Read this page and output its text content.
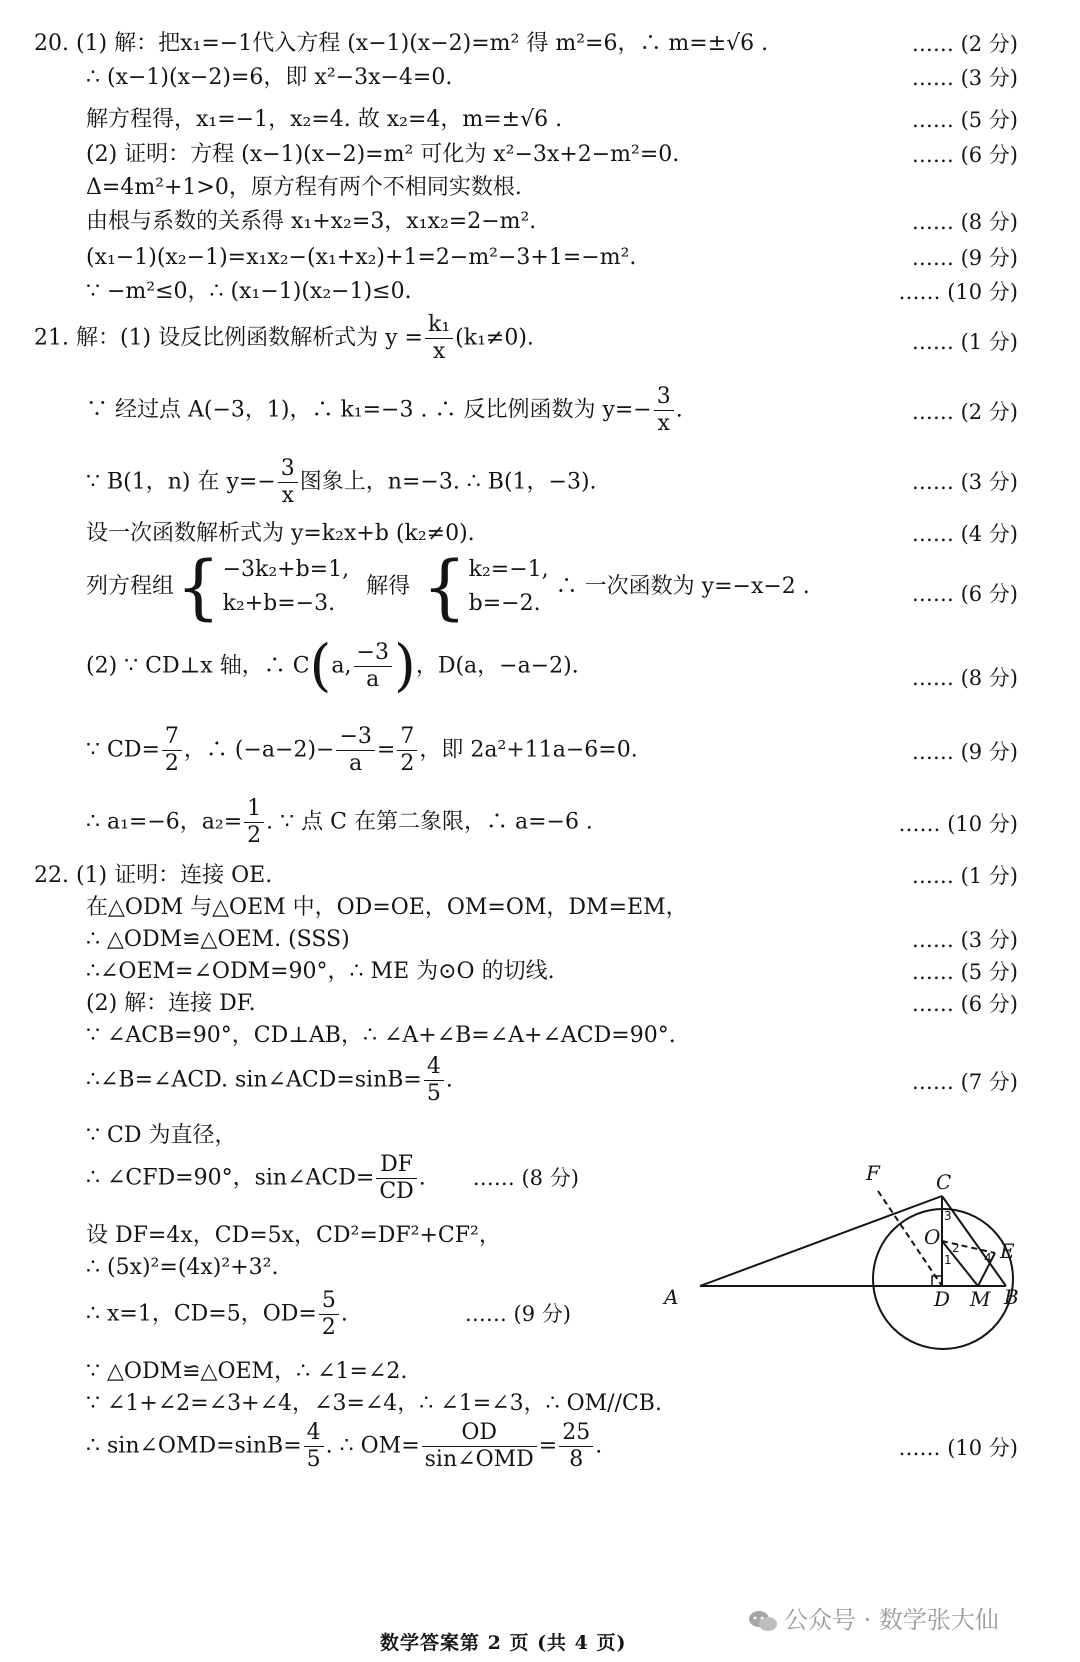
20. (1) 解：把x₁=−1代入方程 (x−1)(x−2)=m² 得 m²=6，∴ m=±√6 .	…… (2 分)
∴ (x−1)(x−2)=6，即 x²−3x−4=0.	…… (3 分)
解方程得，x₁=−1，x₂=4. 故 x₂=4，m=±√6 .	…… (5 分)
(2) 证明：方程 (x−1)(x−2)=m² 可化为 x²−3x+2−m²=0.	…… (6 分)
Δ=4m²+1>0，原方程有两个不相同实数根.
由根与系数的关系得 x₁+x₂=3，x₁x₂=2−m².	…… (8 分)
(x₁−1)(x₂−1)=x₁x₂−(x₁+x₂)+1=2−m²−3+1=−m².	…… (9 分)
∵ −m²≤0，∴ (x₁−1)(x₂−1)≤0.	…… (10 分)
21. 解：(1) 设反比例函数解析式为 $y = \frac{\text{k₁}}{x} (k_1\ne 0)$.	…… (1 分)
∵ 经过点 A(−3，1)，∴ k₁=−3 . ∴ 反比例函数为 $y=- \frac{3}{x}$ .	…… (2 分)
∵ B(1，n) 在 $y=- \frac{3}{x}$ 图象上，n=−3. ∴ B(1，−3).	…… (3 分)
设一次函数解析式为 y=k₂x+b (k₂≠0).	…… (4 分)
列方程组{ −3k₂+b=1,
k₂+b=−3.
解得 { k₂=−1,
b=−2.
∴ 一次函数为 y=−x−2 .	…… (6 分)
(2) ∵ CD⊥x 轴，∴ C(a, $\frac{-3}{a}$ )，D(a，−a−2).	…… (8 分)
∵ $CD= \frac{7}{2}$ ，∴ $(-a-2)- \frac{-3}{a} = \frac{7}{2}$ ，即 2a²+11a−6=0.	…… (9 分)
∴ a₁=−6，$a_2= \frac{1}{2}$ . ∵ 点 C 在第二象限，∴ a=−6 .	…… (10 分)
22. (1) 证明：连接 OE.	…… (1 分)
在△ODM 与△OEM 中，OD=OE，OM=OM，DM=EM，
∴ △ODM≌△OEM. (SSS)	…… (3 分)
∴∠OEM=∠ODM=90°，∴ ME 为⊙O 的切线.	…… (5 分)
(2) 解：连接 DF.	…… (6 分)
∵ ∠ACB=90°，CD⊥AB，∴ ∠A+∠B=∠A+∠ACD=90°.
∴∠B=∠ACD. sin∠ACD=sinB= $\frac{4}{5}$ .	…… (7 分)
∵ CD 为直径，
∴ ∠CFD=90°，sin∠ACD= $\frac{DF}{CD}$ . …… (8 分)
设 DF=4x，CD=5x，CD²=DF²+CF²，
∴ (5x)²=(4x)²+3².
∴ x=1，CD=5，$OD= \frac{5}{2}$ .	…… (9 分)
∵ △ODM≌△OEM，∴ ∠1=∠2.
∵ ∠1+∠2=∠3+∠4，∠3=∠4，∴ ∠1=∠3，∴ OM//CB.
∴ sin∠OMD=sinB= $\frac{4}{5}$ . ∴ OM=
OD
sin∠OMD
= $\frac{25}{8}$ .	…… (10 分)
C
F
O
E
A	D M B
1
2
3
4
公众号 · 数学张大仙
数学答案第 2 页 (共 4 页)
